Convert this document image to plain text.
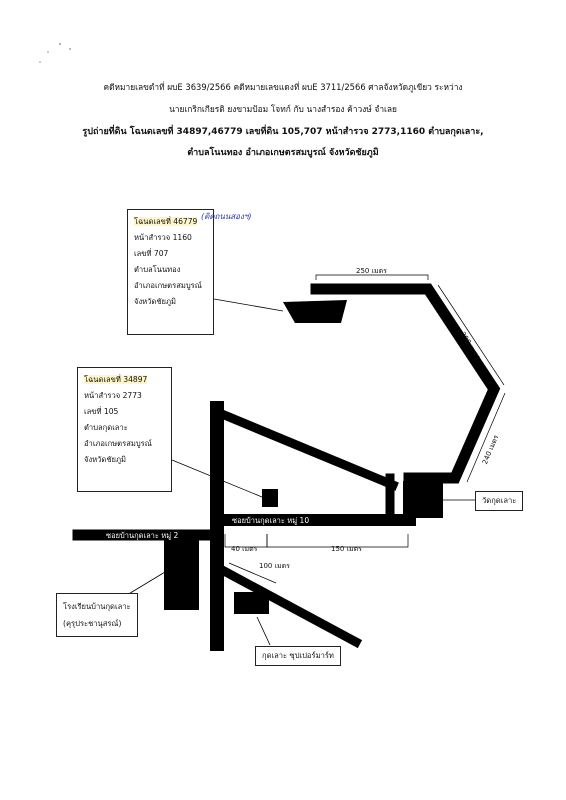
คดีหมายเลขดำที่ ผบE 3639/2566 คดีหมายเลขแดงที่ ผบE 3711/2566 ศาลจังหวัดภูเขียว ระหว่าง
นายเกริกเกียรติ ยงขามป้อม โจทก์ กับ นางสำรอง ค้าวงษ์ จำเลย
รูปถ่ายที่ดิน โฉนดเลขที่ 34897,46779 เลขที่ดิน 105,707 หน้าสำรวจ 2773,1160 ตำบลกุดเลาะ,
ตำบลโนนทอง อำเภอเกษตรสมบูรณ์ จังหวัดชัยภูมิ
โฉนดเลขที่ 46779
หน้าสำรวจ 1160
เลขที่ 707
ตำบลโนนทอง
อำเภอเกษตรสมบูรณ์
จังหวัดชัยภูมิ
(ติดถนนสองฯ)
โฉนดเลขที่ 34897
หน้าสำรวจ 2773
เลขที่ 105
ตำบลกุดเลาะ
อำเภอเกษตรสมบูรณ์
จังหวัดชัยภูมิ
วัดกุดเลาะ
โรงเรียนบ้านกุดเลาะ
(คุรุประชานุสรณ์)
กุดเลาะ ซุปเปอร์มาร์ท
ซอยบ้านกุดเลาะ หมู่ 2
ซอยบ้านกุดเลาะ หมู่ 10
250 เมตร
300 เมตร
240 เมตร
40 เมตร	150 เมตร
100 เมตร
